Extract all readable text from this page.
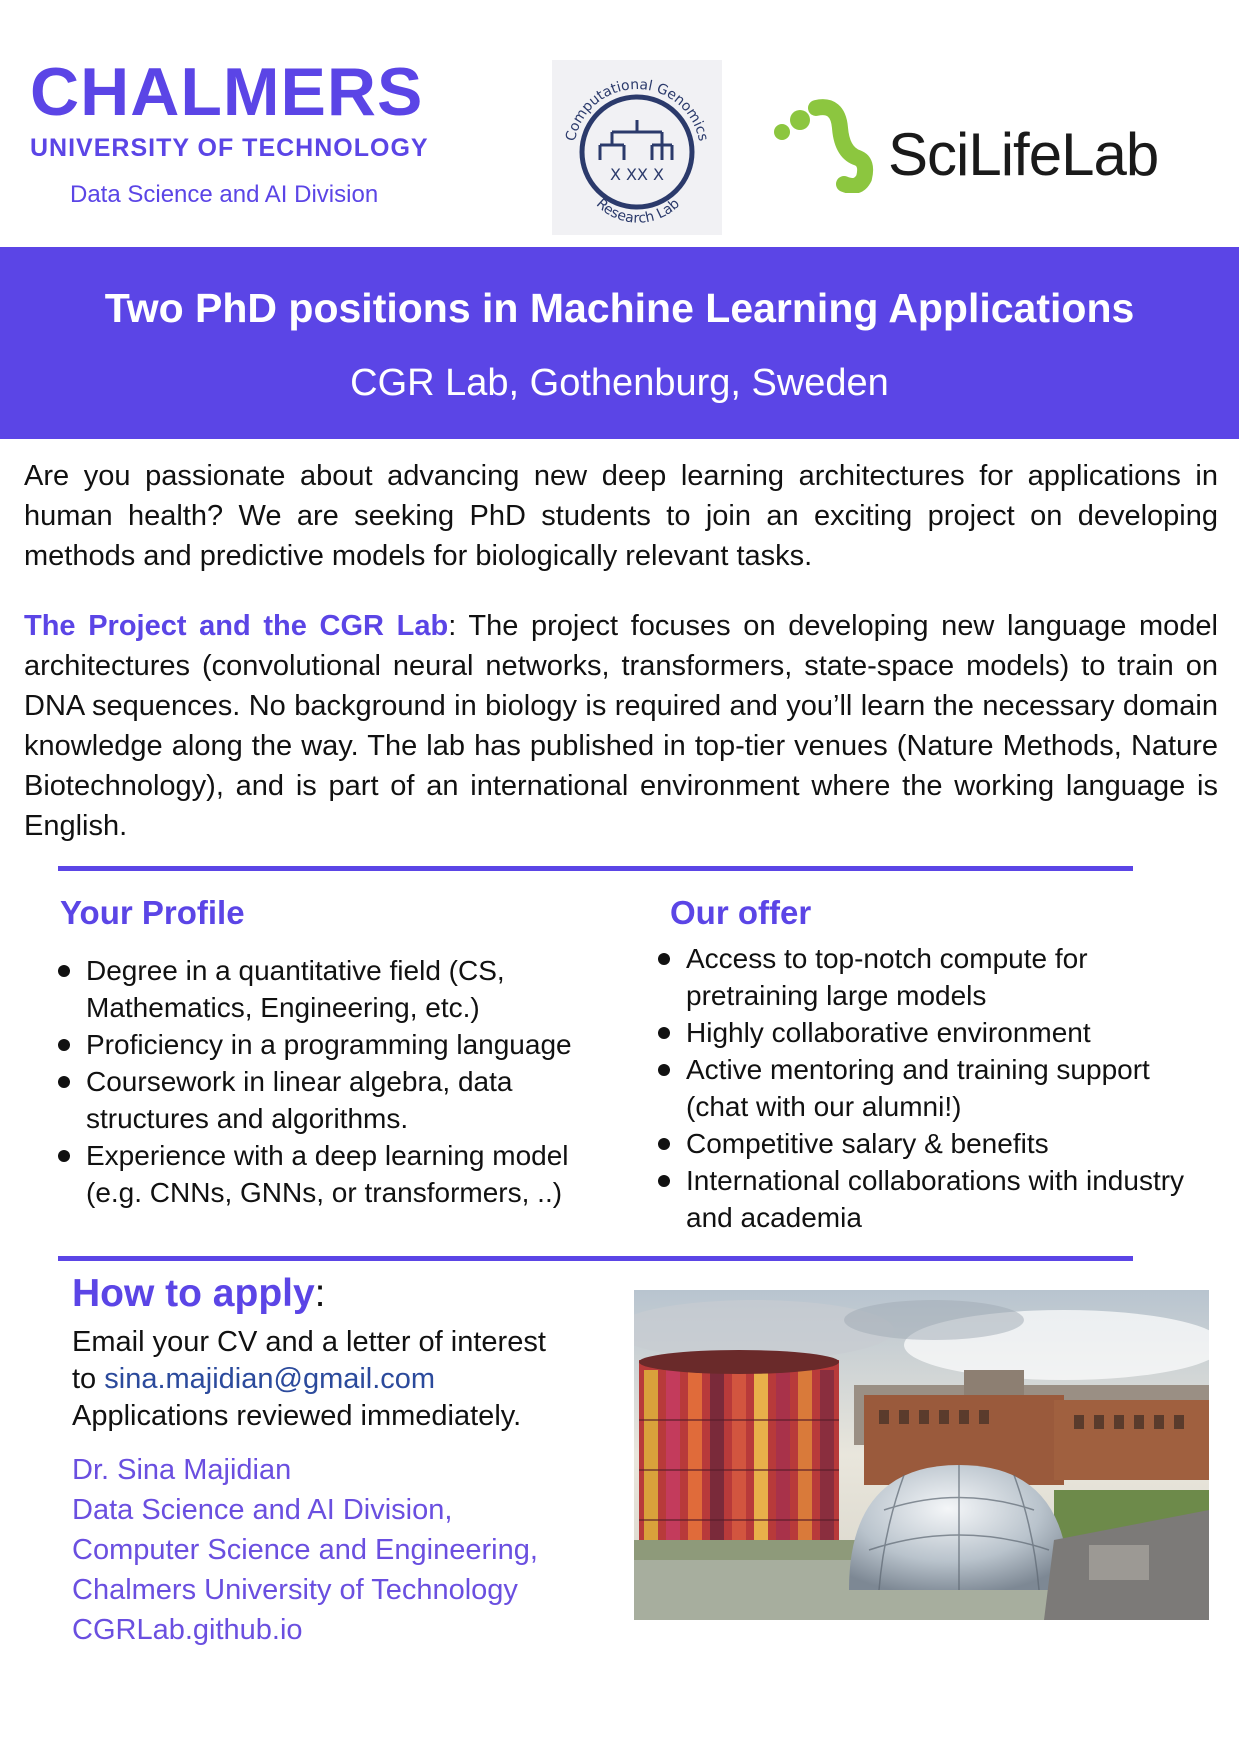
CHALMERS
UNIVERSITY OF TECHNOLOGY
Data Science and AI Division
Computational Genomics
Research Lab
X XX X	SciLifeLab
Two PhD positions in Machine Learning Applications
CGR Lab, Gothenburg, Sweden

Are you passionate about advancing new deep learning architectures for applications in human health? We are seeking PhD students to join an exciting project on developing methods and predictive models for biologically relevant tasks.

The Project and the CGR Lab: The project focuses on developing new language model architectures (convolutional neural networks, transformers, state-space models) to train on DNA sequences. No background in biology is required and you’ll learn the necessary domain knowledge along the way. The lab has published in top-tier venues (Nature Methods, Nature Biotechnology), and is part of an international environment where the working language is English.

Your Profile
Degree in a quantitative field (CS, Mathematics, Engineering, etc.)
Proficiency in a programming language
Coursework in linear algebra, data structures and algorithms.
Experience with a deep learning model (e.g. CNNs, GNNs, or transformers, ..)
Our offer
Access to top-notch compute for pretraining large models
Highly collaborative environment
Active mentoring and training support (chat with our alumni!)
Competitive salary & benefits
International collaborations with industry and academia
How to apply:
Email your CV and a letter of interest
to sina.majidian@gmail.com
Applications reviewed immediately.
Dr. Sina Majidian
Data Science and AI Division,
Computer Science and Engineering,
Chalmers University of Technology
CGRLab.github.io
